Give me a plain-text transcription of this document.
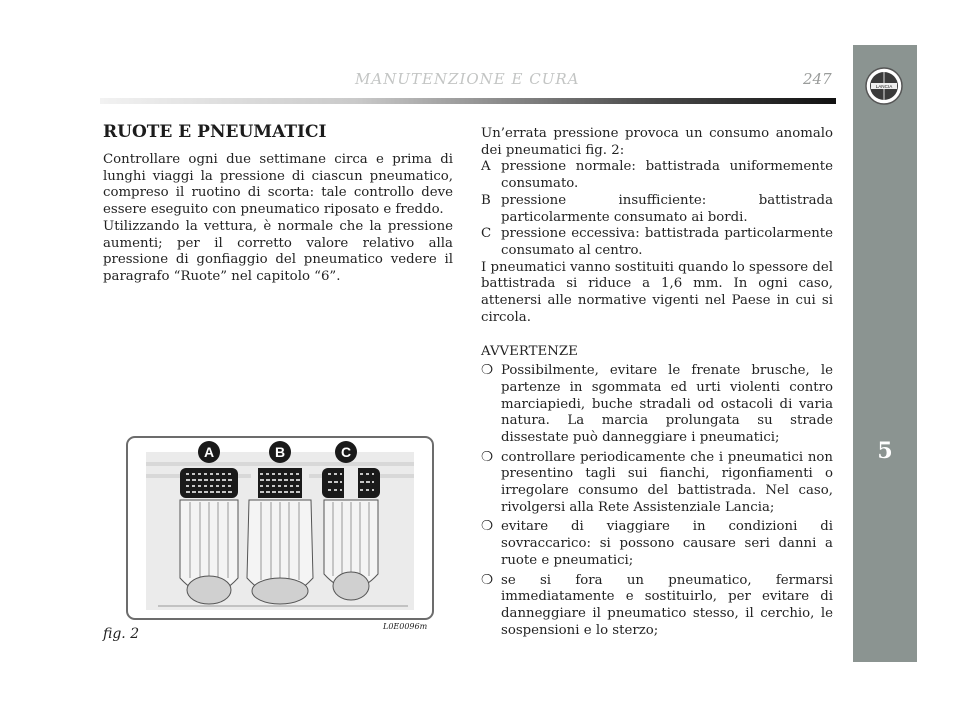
LANCIA
5
MANUTENZIONE E CURA	247
RUOTE E PNEUMATICI

Controllare ogni due settimane circa e prima di lunghi viaggi la pressione di ciascun pneumatico, compreso il ruotino di scorta: tale controllo deve essere eseguito con pneumatico riposato e freddo.

Utilizzando la vettura, è normale che la pressione aumenti; per il corretto valore relativo alla pressione di gonfiaggio del pneumatico vedere il paragrafo “Ruote” nel capitolo “6”.

A	B	C
fig. 2	L0E0096m

Un’errata pressione provoca un consumo anomalo dei pneumatici fig. 2:

A pressione normale: battistrada uniformemente consumato.
B pressione insufficiente: battistrada particolarmente consumato ai bordi.
C pressione eccessiva: battistrada particolarmente consumato al centro.

I pneumatici vanno sostituiti quando lo spessore del battistrada si riduce a 1,6 mm. In ogni caso, attenersi alle normative vigenti nel Paese in cui si circola.

AVVERTENZE

❍ Possibilmente, evitare le frenate brusche, le partenze in sgommata ed urti violenti contro marciapiedi, buche stradali od ostacoli di varia natura. La marcia prolungata su strade dissestate può danneggiare i pneumatici;
❍ controllare periodicamente che i pneumatici non presentino tagli sui fianchi, rigonfiamenti o irregolare consumo del battistrada. Nel caso, rivolgersi alla Rete Assistenziale Lancia;
❍ evitare di viaggiare in condizioni di sovraccarico: si possono causare seri danni a ruote e pneumatici;
❍ se si fora un pneumatico, fermarsi immediatamente e sostituirlo, per evitare di danneggiare il pneumatico stesso, il cerchio, le sospensioni e lo sterzo;
